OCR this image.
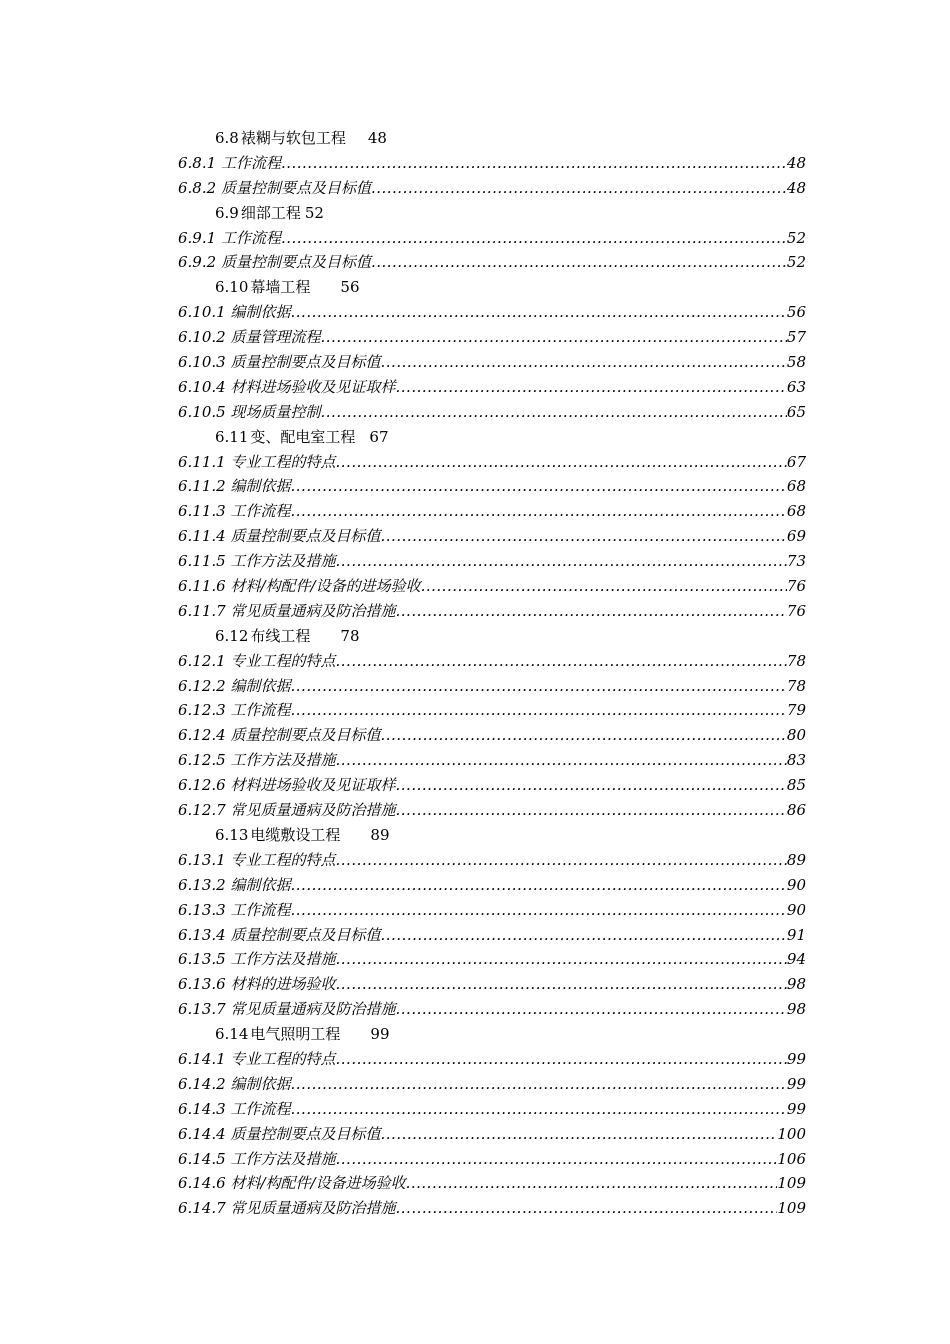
6.8 裱糊与软包工程 48
6.8.1 工作流程 .....	48
6.8.2 质量控制要点及目标值 .....	48
6.9 细部工程 52
6.9.1 工作流程 .....	52
6.9.2 质量控制要点及目标值 .....	52
6.10 幕墙工程 56
6.10.1 编制依据 .....	56
6.10.2 质量管理流程 .....	57
6.10.3 质量控制要点及目标值 .....	58
6.10.4 材料进场验收及见证取样 .....	63
6.10.5 现场质量控制 .....	65
6.11 变、配电室工程 67
6.11.1 专业工程的特点 .....	67
6.11.2 编制依据 .....	68
6.11.3 工作流程 .....	68
6.11.4 质量控制要点及目标值 .....	69
6.11.5 工作方法及措施 .....	73
6.11.6 材料/构配件/设备的进场验收 .....	76
6.11.7 常见质量通病及防治措施 .....	76
6.12 布线工程 78
6.12.1 专业工程的特点 .....	78
6.12.2 编制依据 .....	78
6.12.3 工作流程 .....	79
6.12.4 质量控制要点及目标值 .....	80
6.12.5 工作方法及措施 .....	83
6.12.6 材料进场验收及见证取样 .....	85
6.12.7 常见质量通病及防治措施 .....	86
6.13 电缆敷设工程 89
6.13.1 专业工程的特点 .....	89
6.13.2 编制依据 .....	90
6.13.3 工作流程 .....	90
6.13.4 质量控制要点及目标值 .....	91
6.13.5 工作方法及措施 .....	94
6.13.6 材料的进场验收 .....	98
6.13.7 常见质量通病及防治措施 .....	98
6.14 电气照明工程 99
6.14.1 专业工程的特点 .....	99
6.14.2 编制依据 .....	99
6.14.3 工作流程 .....	99
6.14.4 质量控制要点及目标值 .....	100
6.14.5 工作方法及措施 .....	106
6.14.6 材料/构配件/设备进场验收 .....	109
6.14.7 常见质量通病及防治措施 .....	109
